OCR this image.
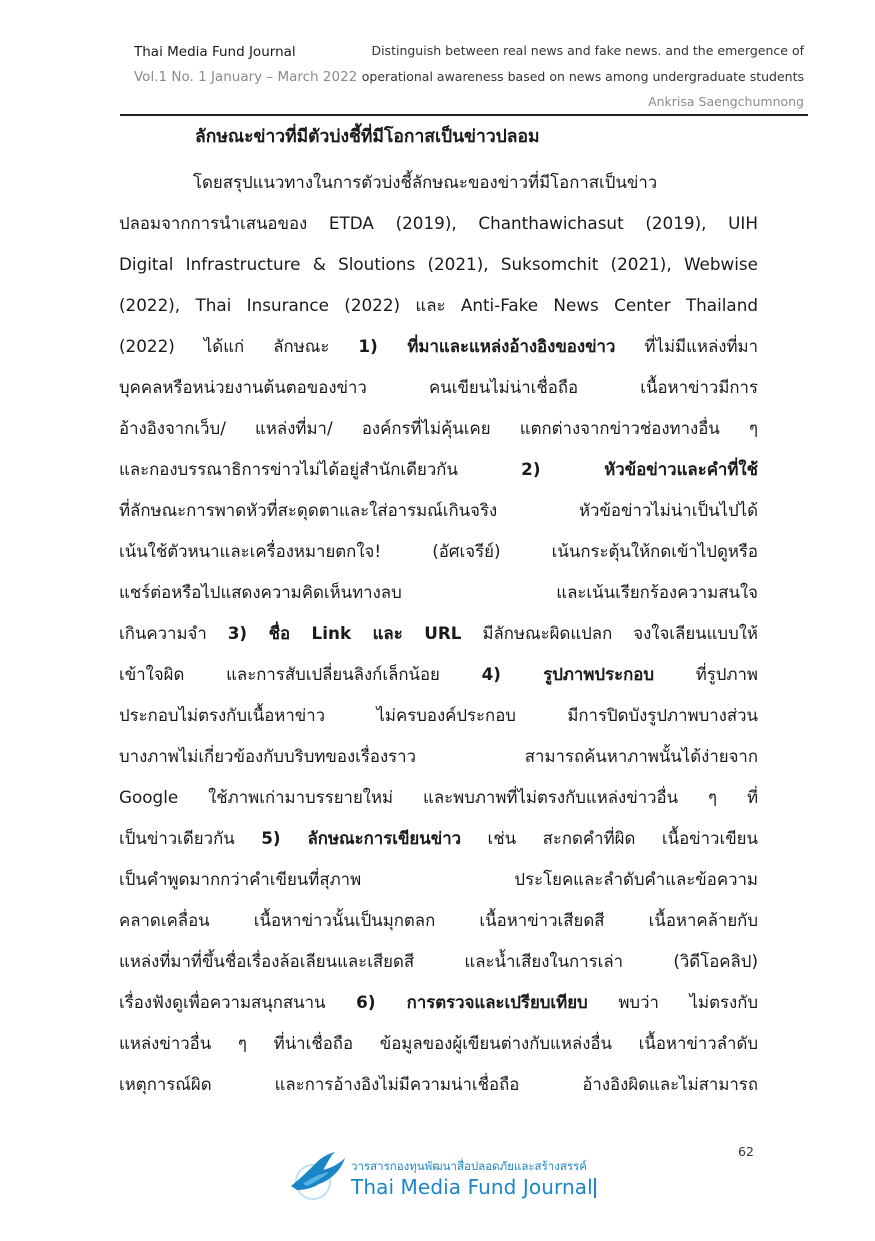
Thai Media Fund Journal
Vol.1 No. 1 January – March 2022
Distinguish between real news and fake news. and the emergence of
operational awareness based on news among undergraduate students
Ankrisa Saengchumnong
ลักษณะข่าวที่มีตัวบ่งชี้ที่มีโอกาสเป็นข่าวปลอม
โดยสรุปแนวทางในการตัวบ่งชี้ลักษณะของข่าวที่มีโอกาสเป็นข่าว
ปลอมจากการนำเสนอของ ETDA (2019), Chanthawichasut (2019), UIH
Digital Infrastructure & Sloutions (2021), Suksomchit (2021), Webwise
(2022), Thai Insurance (2022) และ Anti-Fake News Center Thailand
(2022) ได้แก่ ลักษณะ 1) ที่มาและแหล่งอ้างอิงของข่าว ที่ไม่มีแหล่งที่มา
บุคคลหรือหน่วยงานต้นตอของข่าว คนเขียนไม่น่าเชื่อถือ เนื้อหาข่าวมีการ
อ้างอิงจากเว็บ/ แหล่งที่มา/ องค์กรที่ไม่คุ้นเคย แตกต่างจากข่าวช่องทางอื่น ๆ
และกองบรรณาธิการข่าวไม่ได้อยู่สำนักเดียวกัน 2) หัวข้อข่าวและคำที่ใช้
ที่ลักษณะการพาดหัวที่สะดุดตาและใส่อารมณ์เกินจริง หัวข้อข่าวไม่น่าเป็นไปได้
เน้นใช้ตัวหนาและเครื่องหมายตกใจ! (อัศเจรีย์) เน้นกระตุ้นให้กดเข้าไปดูหรือ
แชร์ต่อหรือไปแสดงความคิดเห็นทางลบ และเน้นเรียกร้องความสนใจ
เกินความจำ 3) ชื่อ Link และ URL มีลักษณะผิดแปลก จงใจเลียนแบบให้
เข้าใจผิด และการสับเปลี่ยนลิงก์เล็กน้อย 4) รูปภาพประกอบ ที่รูปภาพ
ประกอบไม่ตรงกับเนื้อหาข่าว ไม่ครบองค์ประกอบ มีการปิดบังรูปภาพบางส่วน
บางภาพไม่เกี่ยวข้องกับบริบทของเรื่องราว สามารถค้นหาภาพนั้นได้ง่ายจาก
Google ใช้ภาพเก่ามาบรรยายใหม่ และพบภาพที่ไม่ตรงกับแหล่งข่าวอื่น ๆ ที่
เป็นข่าวเดียวกัน 5) ลักษณะการเขียนข่าว เช่น สะกดคำที่ผิด เนื้อข่าวเขียน
เป็นคำพูดมากกว่าคำเขียนที่สุภาพ ประโยคและลำดับคำและข้อความ
คลาดเคลื่อน เนื้อหาข่าวนั้นเป็นมุกตลก เนื้อหาข่าวเสียดสี เนื้อหาคล้ายกับ
แหล่งที่มาที่ขึ้นชื่อเรื่องล้อเลียนและเสียดสี และน้ำเสียงในการเล่า (วิดีโอคลิป)
เรื่องฟังดูเพื่อความสนุกสนาน 6) การตรวจและเปรียบเทียบ พบว่า ไม่ตรงกับ
แหล่งข่าวอื่น ๆ ที่น่าเชื่อถือ ข้อมูลของผู้เขียนต่างกับแหล่งอื่น เนื้อหาข่าวลำดับ
เหตุการณ์ผิด และการอ้างอิงไม่มีความน่าเชื่อถือ อ้างอิงผิดและไม่สามารถ
62
วารสารกองทุนพัฒนาสื่อปลอดภัยและสร้างสรรค์
Thai Media Fund Journal
